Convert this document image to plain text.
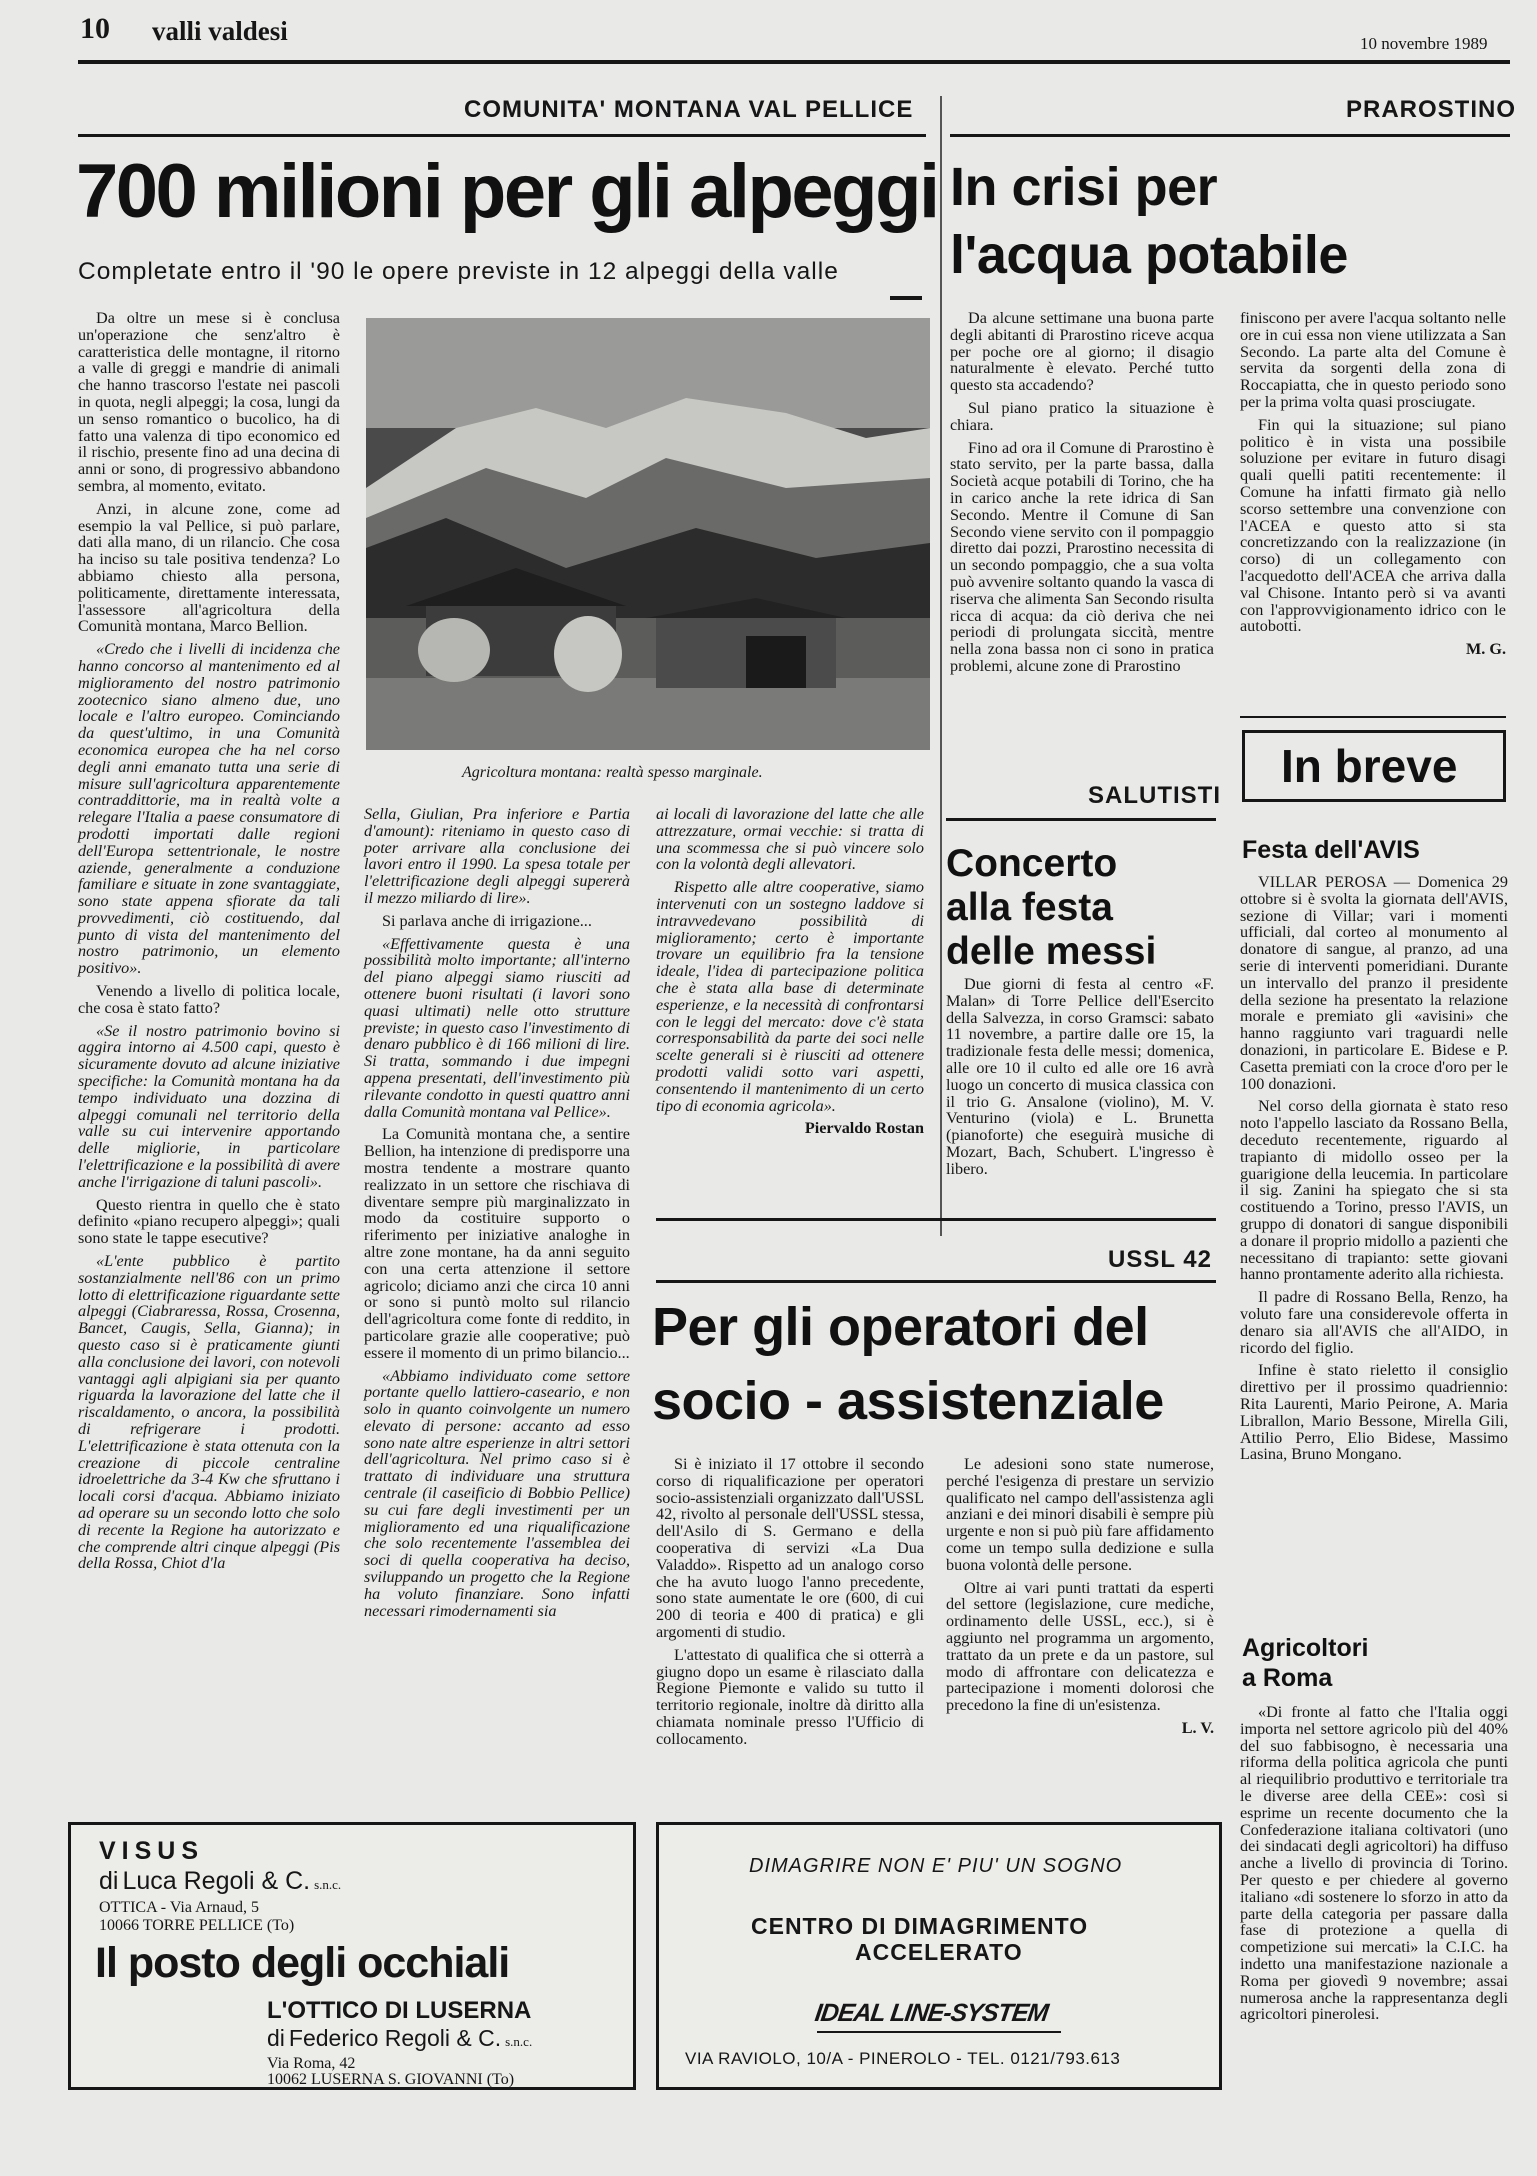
10 valli valdesi	10 novembre 1989
COMUNITA' MONTANA VAL PELLICE
700 milioni per gli alpeggi
Completate entro il '90 le opere previste in 12 alpeggi della valle
Agricoltura montana: realtà spesso marginale.

Da oltre un mese si è conclusa un'operazione che senz'altro è caratteristica delle montagne, il ritorno a valle di greggi e mandrie di animali che hanno trascorso l'estate nei pascoli in quota, negli alpeggi; la cosa, lungi da un senso romantico o bucolico, ha di fatto una valenza di tipo economico ed il rischio, presente fino ad una decina di anni or sono, di progressivo abbandono sembra, al momento, evitato.

Anzi, in alcune zone, come ad esempio la val Pellice, si può parlare, dati alla mano, di un rilancio. Che cosa ha inciso su tale positiva tendenza? Lo abbiamo chiesto alla persona, politicamente, direttamente interessata, l'assessore all'agricoltura della Comunità montana, Marco Bellion.

«Credo che i livelli di incidenza che hanno concorso al mantenimento ed al miglioramento del nostro patrimonio zootecnico siano almeno due, uno locale e l'altro europeo. Cominciando da quest'ultimo, in una Comunità economica europea che ha nel corso degli anni emanato tutta una serie di misure sull'agricoltura apparentemente contraddittorie, ma in realtà volte a relegare l'Italia a paese consumatore di prodotti importati dalle regioni dell'Europa settentrionale, le nostre aziende, generalmente a conduzione familiare e situate in zone svantaggiate, sono state appena sfiorate da tali provvedimenti, ciò costituendo, dal punto di vista del mantenimento del nostro patrimonio, un elemento positivo».

Venendo a livello di politica locale, che cosa è stato fatto?

«Se il nostro patrimonio bovino si aggira intorno ai 4.500 capi, questo è sicuramente dovuto ad alcune iniziative specifiche: la Comunità montana ha da tempo individuato una dozzina di alpeggi comunali nel territorio della valle su cui intervenire apportando delle migliorie, in particolare l'elettrificazione e la possibilità di avere anche l'irrigazione di taluni pascoli».

Questo rientra in quello che è stato definito «piano recupero alpeggi»; quali sono state le tappe esecutive?

«L'ente pubblico è partito sostanzialmente nell'86 con un primo lotto di elettrificazione riguardante sette alpeggi (Ciabraressa, Rossa, Crosenna, Bancet, Caugis, Sella, Gianna); in questo caso si è praticamente giunti alla conclusione dei lavori, con notevoli vantaggi agli alpigiani sia per quanto riguarda la lavorazione del latte che il riscaldamento, o ancora, la possibilità di refrigerare i prodotti. L'elettrificazione è stata ottenuta con la creazione di piccole centraline idroelettriche da 3-4 Kw che sfruttano i locali corsi d'acqua. Abbiamo iniziato ad operare su un secondo lotto che solo di recente la Regione ha autorizzato e che comprende altri cinque alpeggi (Pis della Rossa, Chiot d'la

Sella, Giulian, Pra inferiore e Partia d'amount): riteniamo in questo caso di poter arrivare alla conclusione dei lavori entro il 1990. La spesa totale per l'elettrificazione degli alpeggi supererà il mezzo miliardo di lire».

Si parlava anche di irrigazione...

«Effettivamente questa è una possibilità molto importante; all'interno del piano alpeggi siamo riusciti ad ottenere buoni risultati (i lavori sono quasi ultimati) nelle otto strutture previste; in questo caso l'investimento di denaro pubblico è di 166 milioni di lire. Si tratta, sommando i due impegni appena presentati, dell'investimento più rilevante condotto in questi quattro anni dalla Comunità montana val Pellice».

La Comunità montana che, a sentire Bellion, ha intenzione di predisporre una mostra tendente a mostrare quanto realizzato in un settore che rischiava di diventare sempre più marginalizzato in modo da costituire supporto o riferimento per iniziative analoghe in altre zone montane, ha da anni seguito con una certa attenzione il settore agricolo; diciamo anzi che circa 10 anni or sono si puntò molto sul rilancio dell'agricoltura come fonte di reddito, in particolare grazie alle cooperative; può essere il momento di un primo bilancio...

«Abbiamo individuato come settore portante quello lattiero-caseario, e non solo in quanto coinvolgente un numero elevato di persone: accanto ad esso sono nate altre esperienze in altri settori dell'agricoltura. Nel primo caso si è trattato di individuare una struttura centrale (il caseificio di Bobbio Pellice) su cui fare degli investimenti per un miglioramento ed una riqualificazione che solo recentemente l'assemblea dei soci di quella cooperativa ha deciso, sviluppando un progetto che la Regione ha voluto finanziare. Sono infatti necessari rimodernamenti sia

ai locali di lavorazione del latte che alle attrezzature, ormai vecchie: si tratta di una scommessa che si può vincere solo con la volontà degli allevatori.

Rispetto alle altre cooperative, siamo intervenuti con un sostegno laddove si intravvedevano possibilità di miglioramento; certo è importante trovare un equilibrio fra la tensione ideale, l'idea di partecipazione politica che è stata alla base di determinate esperienze, e la necessità di confrontarsi con le leggi del mercato: dove c'è stata corresponsabilità da parte dei soci nelle scelte generali si è riusciti ad ottenere prodotti validi sotto vari aspetti, consentendo il mantenimento di un certo tipo di economia agricola».

Piervaldo Rostan

PRAROSTINO
In crisi per
l'acqua potabile

Da alcune settimane una buona parte degli abitanti di Prarostino riceve acqua per poche ore al giorno; il disagio naturalmente è elevato. Perché tutto questo sta accadendo?

Sul piano pratico la situazione è chiara.

Fino ad ora il Comune di Prarostino è stato servito, per la parte bassa, dalla Società acque potabili di Torino, che ha in carico anche la rete idrica di San Secondo. Mentre il Comune di San Secondo viene servito con il pompaggio diretto dai pozzi, Prarostino necessita di un secondo pompaggio, che a sua volta può avvenire soltanto quando la vasca di riserva che alimenta San Secondo risulta ricca di acqua: da ciò deriva che nei periodi di prolungata siccità, mentre nella zona bassa non ci sono in pratica problemi, alcune zone di Prarostino

finiscono per avere l'acqua soltanto nelle ore in cui essa non viene utilizzata a San Secondo. La parte alta del Comune è servita da sorgenti della zona di Roccapiatta, che in questo periodo sono per la prima volta quasi prosciugate.

Fin qui la situazione; sul piano politico è in vista una possibile soluzione per evitare in futuro disagi quali quelli patiti recentemente: il Comune ha infatti firmato già nello scorso settembre una convenzione con l'ACEA e questo atto si sta concretizzando con la realizzazione (in corso) di un collegamento con l'acquedotto dell'ACEA che arriva dalla val Chisone. Intanto però si va avanti con l'approvvigionamento idrico con le autobotti.

M. G.

SALUTISTI
Concerto
alla festa
delle messi

Due giorni di festa al centro «F. Malan» di Torre Pellice dell'Esercito della Salvezza, in corso Gramsci: sabato 11 novembre, a partire dalle ore 15, la tradizionale festa delle messi; domenica, alle ore 10 il culto ed alle ore 16 avrà luogo un concerto di musica classica con il trio G. Ansalone (violino), M. V. Venturino (viola) e L. Brunetta (pianoforte) che eseguirà musiche di Mozart, Bach, Schubert. L'ingresso è libero.

USSL 42
Per gli operatori del
socio - assistenziale

Si è iniziato il 17 ottobre il secondo corso di riqualificazione per operatori socio-assistenziali organizzato dall'USSL 42, rivolto al personale dell'USSL stessa, dell'Asilo di S. Germano e della cooperativa di servizi «La Dua Valaddo». Rispetto ad un analogo corso che ha avuto luogo l'anno precedente, sono state aumentate le ore (600, di cui 200 di teoria e 400 di pratica) e gli argomenti di studio.

L'attestato di qualifica che si otterrà a giugno dopo un esame è rilasciato dalla Regione Piemonte e valido su tutto il territorio regionale, inoltre dà diritto alla chiamata nominale presso l'Ufficio di collocamento.

Le adesioni sono state numerose, perché l'esigenza di prestare un servizio qualificato nel campo dell'assistenza agli anziani e dei minori disabili è sempre più urgente e non si può più fare affidamento come un tempo sulla dedizione e sulla buona volontà delle persone.

Oltre ai vari punti trattati da esperti del settore (legislazione, cure mediche, ordinamento delle USSL, ecc.), si è aggiunto nel programma un argomento, trattato da un prete e da un pastore, sul modo di affrontare con delicatezza e partecipazione i momenti dolorosi che precedono la fine di un'esistenza.

L. V.

In breve
Festa dell'AVIS

VILLAR PEROSA — Domenica 29 ottobre si è svolta la giornata dell'AVIS, sezione di Villar; vari i momenti ufficiali, dal corteo al monumento al donatore di sangue, al pranzo, ad una serie di interventi pomeridiani. Durante un intervallo del pranzo il presidente della sezione ha presentato la relazione morale e premiato gli «avisini» che hanno raggiunto vari traguardi nelle donazioni, in particolare E. Bidese e P. Casetta premiati con la croce d'oro per le 100 donazioni.

Nel corso della giornata è stato reso noto l'appello lasciato da Rossano Bella, deceduto recentemente, riguardo al trapianto di midollo osseo per la guarigione della leucemia. In particolare il sig. Zanini ha spiegato che si sta costituendo a Torino, presso l'AVIS, un gruppo di donatori di sangue disponibili a donare il proprio midollo a pazienti che necessitano di trapianto: sette giovani hanno prontamente aderito alla richiesta.

Il padre di Rossano Bella, Renzo, ha voluto fare una considerevole offerta in denaro sia all'AVIS che all'AIDO, in ricordo del figlio.

Infine è stato rieletto il consiglio direttivo per il prossimo quadriennio: Rita Laurenti, Mario Peirone, A. Maria Librallon, Mario Bessone, Mirella Gili, Attilio Perro, Elio Bidese, Massimo Lasina, Bruno Mongano.

Agricoltori
a Roma

«Di fronte al fatto che l'Italia oggi importa nel settore agricolo più del 40% del suo fabbisogno, è necessaria una riforma della politica agricola che punti al riequilibrio produttivo e territoriale tra le diverse aree della CEE»: così si esprime un recente documento che la Confederazione italiana coltivatori (uno dei sindacati degli agricoltori) ha diffuso anche a livello di provincia di Torino. Per questo e per chiedere al governo italiano «di sostenere lo sforzo in atto da parte della categoria per passare dalla fase di protezione a quella di competizione sui mercati» la C.I.C. ha indetto una manifestazione nazionale a Roma per giovedì 9 novembre; assai numerosa anche la rappresentanza degli agricoltori pinerolesi.

VISUS
di Luca Regoli & C. s.n.c.
OTTICA - Via Arnaud, 5
10066 TORRE PELLICE (To)
Il posto degli occhiali
L'OTTICO DI LUSERNA
di Federico Regoli & C. s.n.c.
Via Roma, 42
10062 LUSERNA S. GIOVANNI (To)
DIMAGRIRE NON E' PIU' UN SOGNO
CENTRO DI DIMAGRIMENTO
ACCELERATO
IDEAL LINE-SYSTEM
VIA RAVIOLO, 10/A - PINEROLO - TEL. 0121/793.613
